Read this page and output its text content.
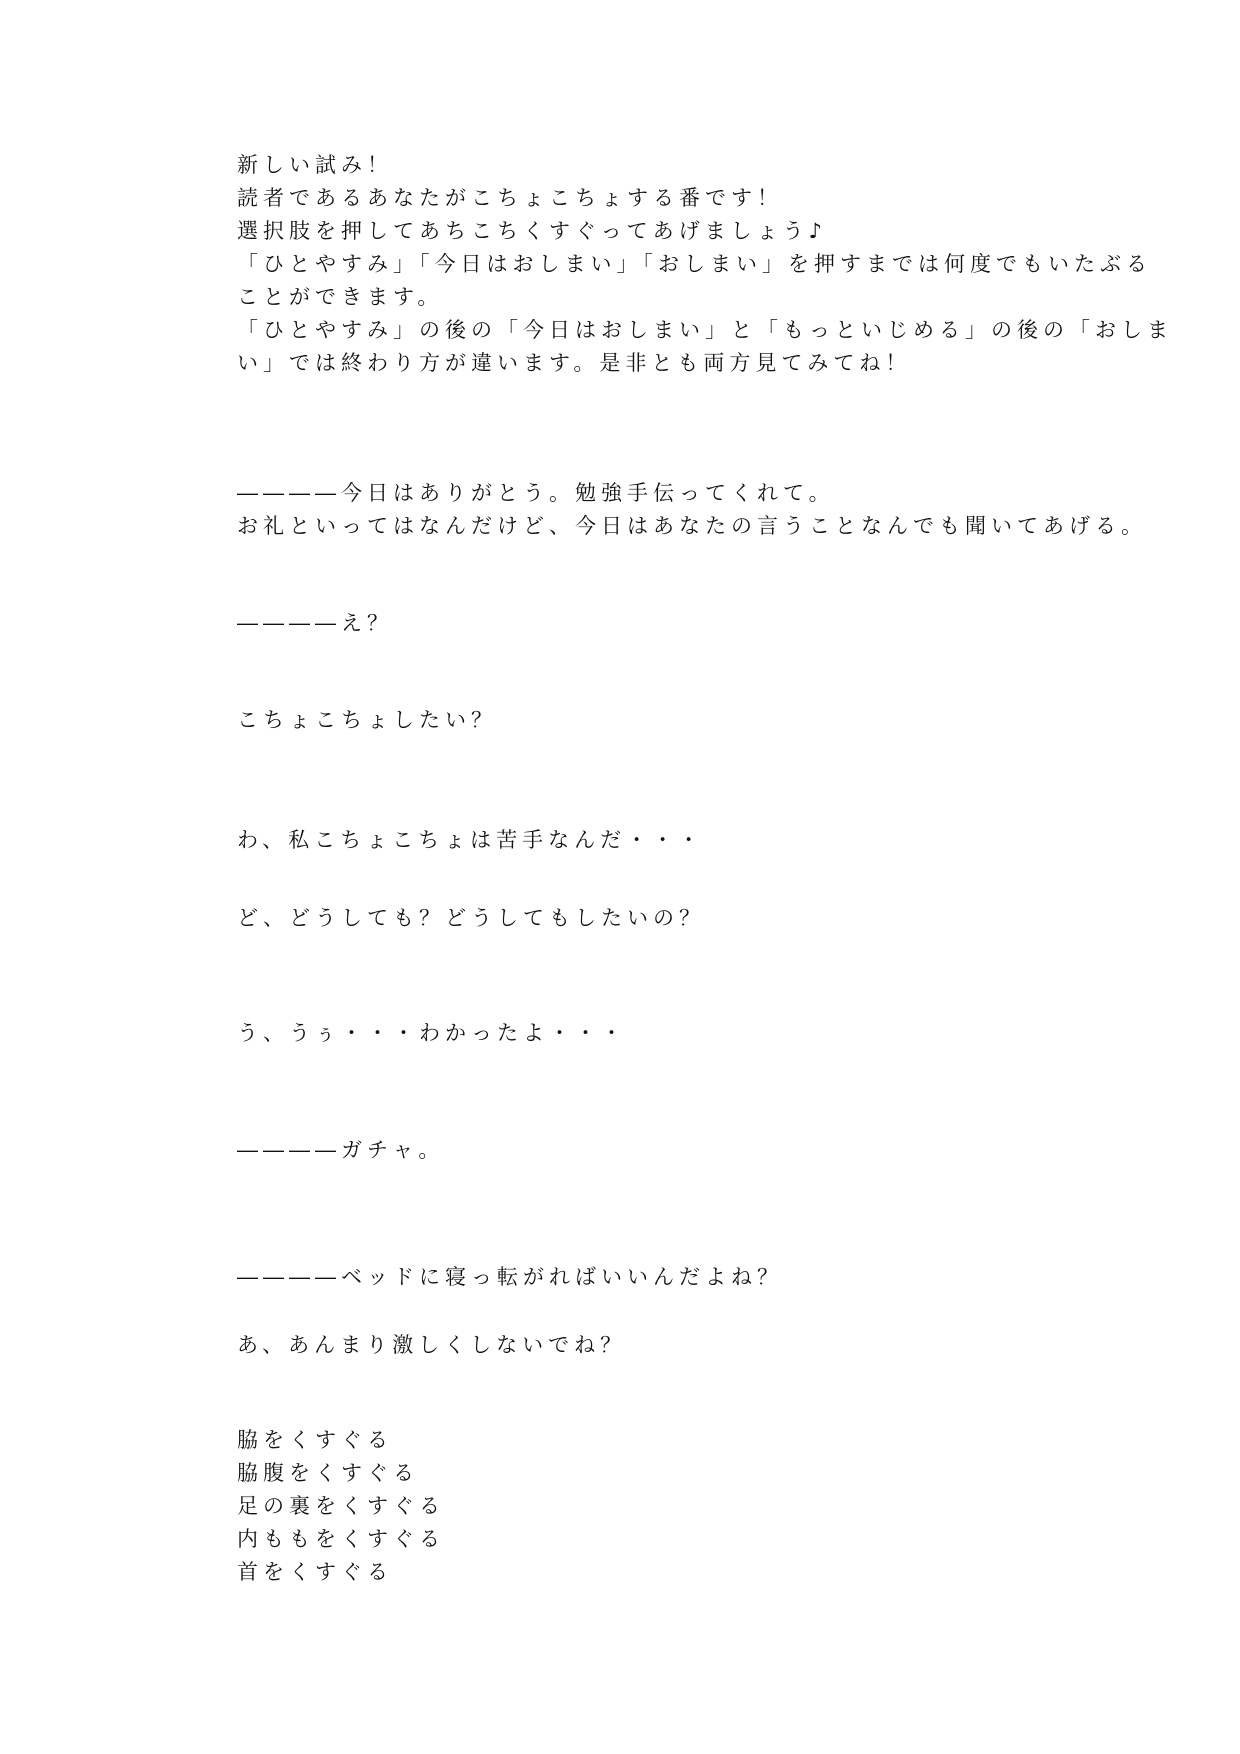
新しい試み！
読者であるあなたがこちょこちょする番です！
選択肢を押してあちこちくすぐってあげましょう♪
「ひとやすみ」「今日はおしまい」「おしまい」を押すまでは何度でもいたぶる
ことができます。
「ひとやすみ」の後の「今日はおしまい」と「もっといじめる」の後の「おしま
い」では終わり方が違います。是非とも両方見てみてね！
――――今日はありがとう。勉強手伝ってくれて。
お礼といってはなんだけど、今日はあなたの言うことなんでも聞いてあげる。
――――え？
こちょこちょしたい？
わ、私こちょこちょは苦手なんだ・・・
ど、どうしても？どうしてもしたいの？
う、うぅ・・・わかったよ・・・
――――ガチャ。
――――ベッドに寝っ転がればいいんだよね？
あ、あんまり激しくしないでね？
脇をくすぐる
脇腹をくすぐる
足の裏をくすぐる
内ももをくすぐる
首をくすぐる
